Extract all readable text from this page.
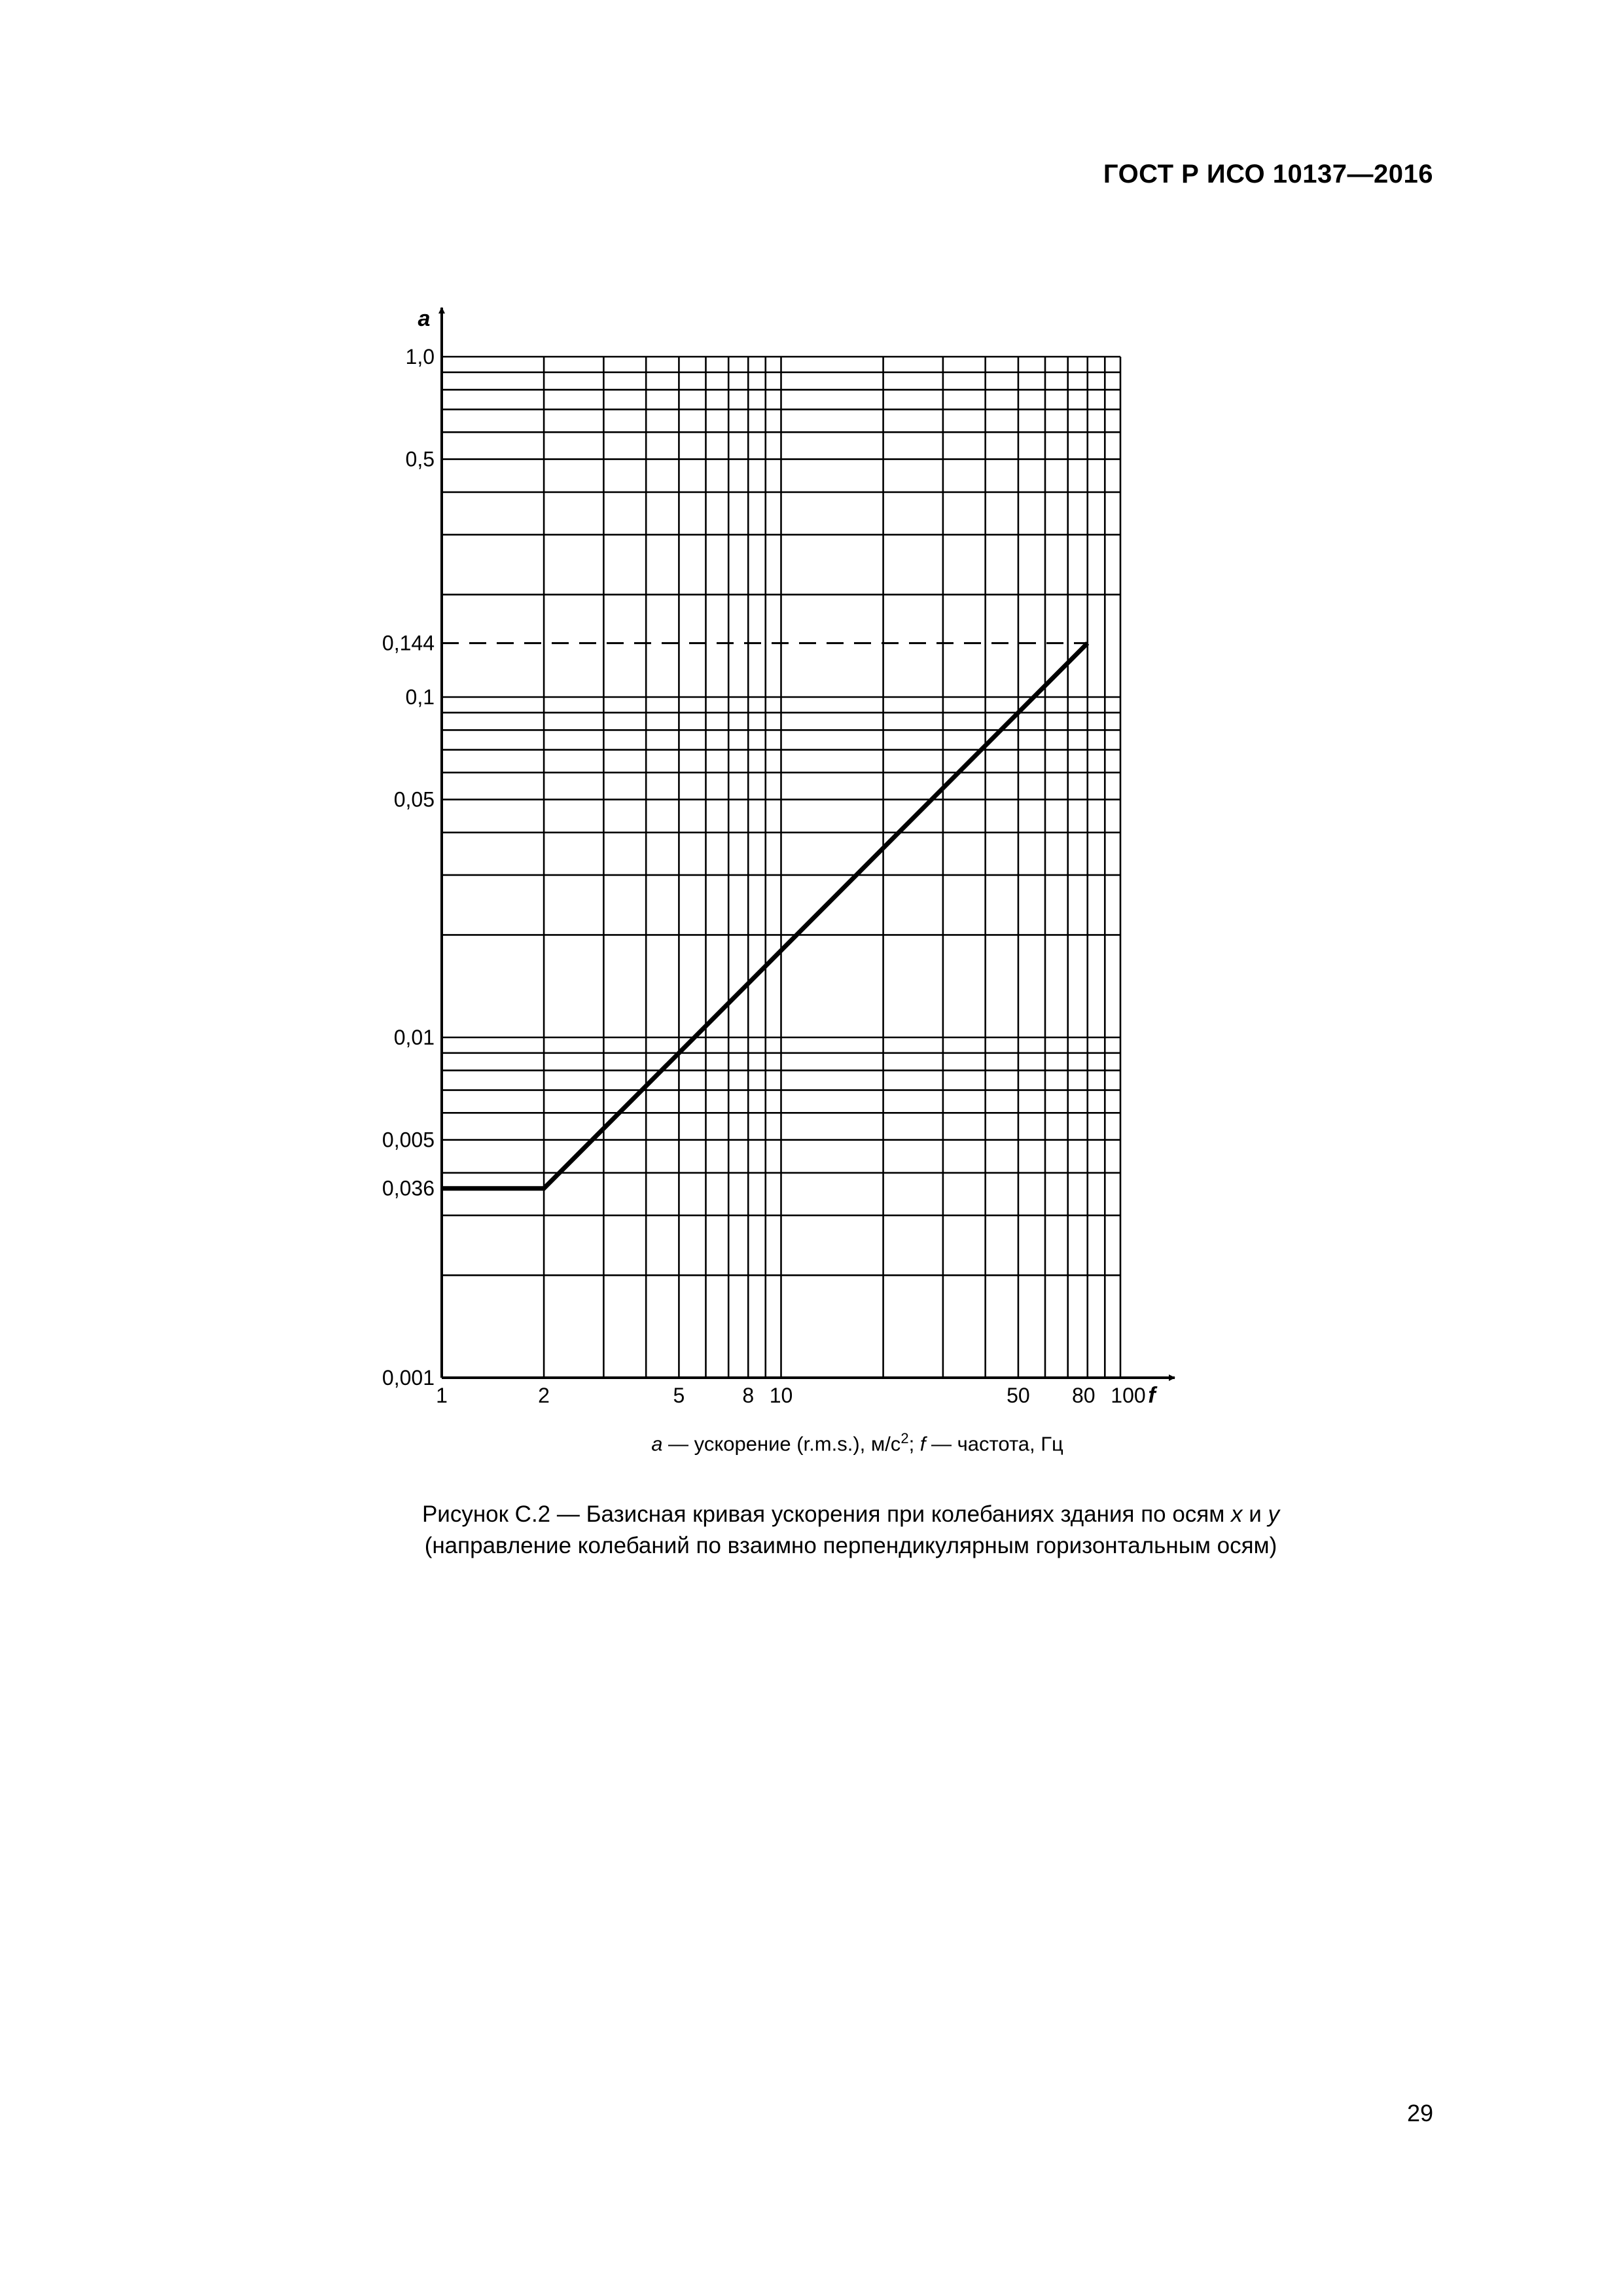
ГОСТ Р ИСО 10137—2016
a
f
1,0
0,5
0,144
0,1
0,05
0,01
0,005
0,036
0,001
1	2	5	8 10	50 80 100
a — ускорение (r.m.s.), $м/с^2$; f — частота, Гц
Рисунок С.2 — Базисная кривая ускорения при колебаниях здания по осям x и y
(направление колебаний по взаимно перпендикулярным горизонтальным осям)
29
